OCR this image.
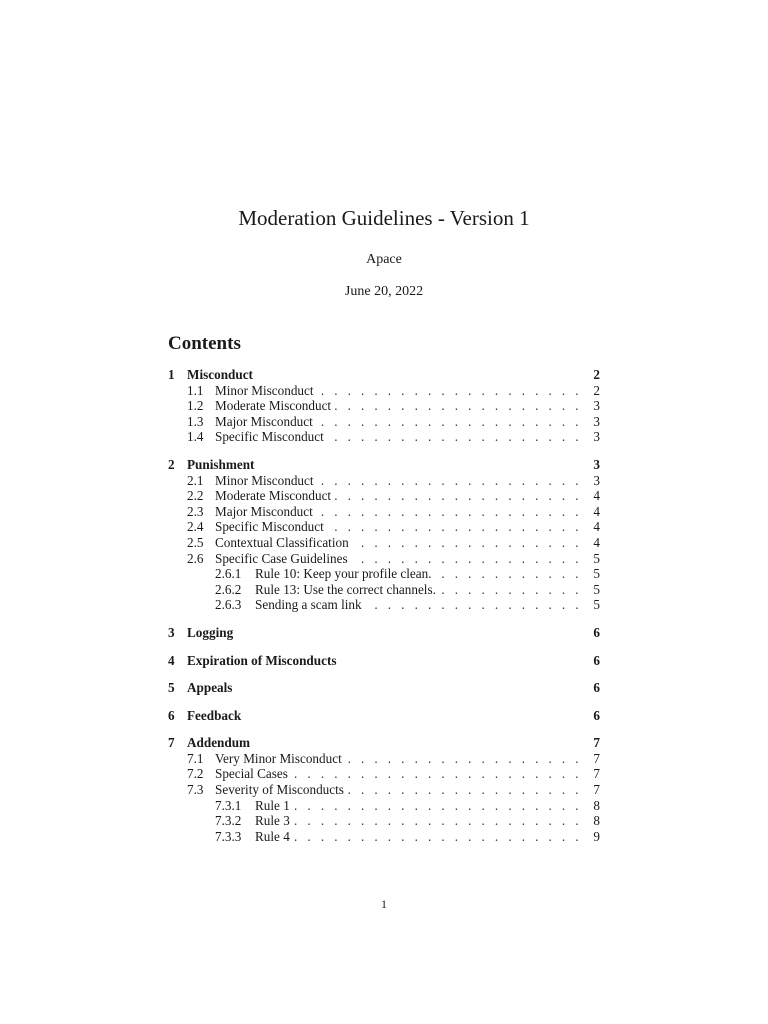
Moderation Guidelines - Version 1
Apace
June 20, 2022
Contents
1 Misconduct	2
1.1 Minor Misconduct . . .	2
1.2 Moderate Misconduct . . .	3
1.3 Major Misconduct . . .	3
1.4 Specific Misconduct . . .	3
2 Punishment	3
2.1 Minor Misconduct . . .	3
2.2 Moderate Misconduct . . .	4
2.3 Major Misconduct . . .	4
2.4 Specific Misconduct . . .	4
2.5 Contextual Classification . . .	4
2.6 Specific Case Guidelines . . .	5
2.6.1	Rule 10: Keep your profile clean. . . .	5
2.6.2	Rule 13: Use the correct channels. . . .	5
2.6.3	Sending a scam link . . .	5
3 Logging	6
4 Expiration of Misconducts	6
5 Appeals	6
6 Feedback	6
7 Addendum	7
7.1 Very Minor Misconduct . . .	7
7.2 Special Cases . . .	7
7.3 Severity of Misconducts . . .	7
7.3.1	Rule 1 . . .	8
7.3.2	Rule 3 . . .	8
7.3.3	Rule 4 . . .	9
1
